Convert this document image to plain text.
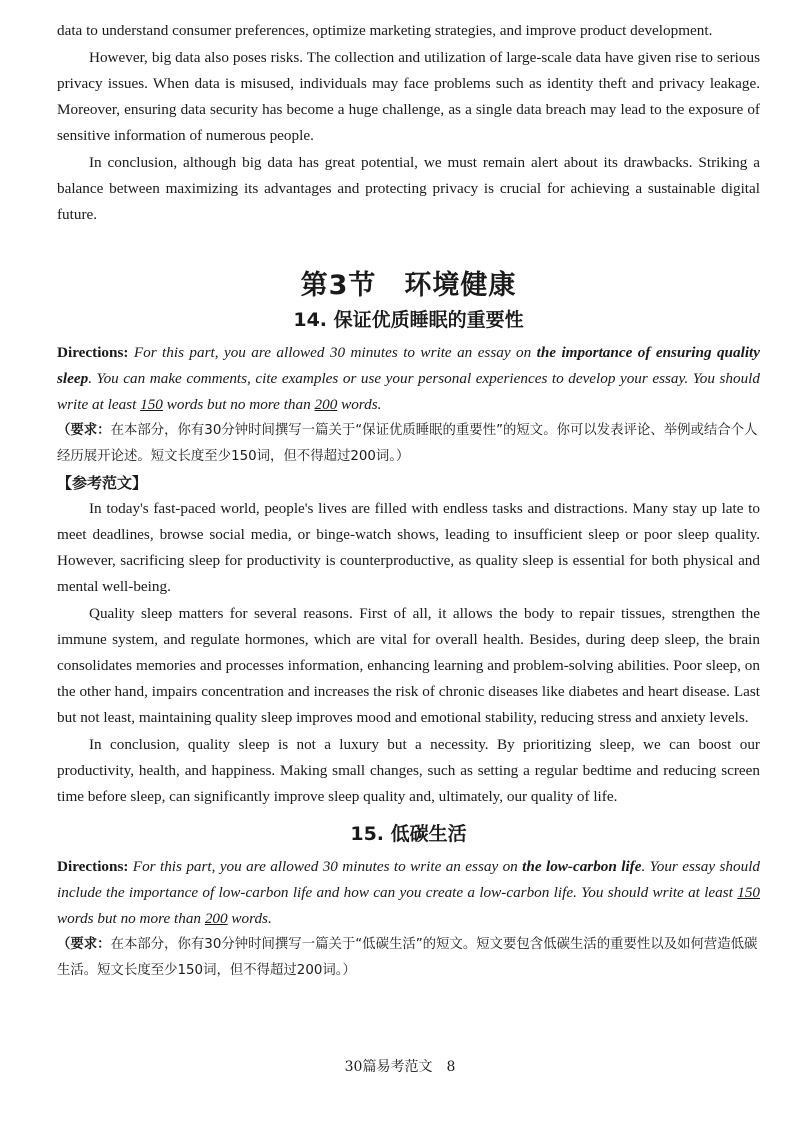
data to understand consumer preferences, optimize marketing strategies, and improve product development.

However, big data also poses risks. The collection and utilization of large-scale data have given rise to serious privacy issues. When data is misused, individuals may face problems such as identity theft and privacy leakage. Moreover, ensuring data security has become a huge challenge, as a single data breach may lead to the exposure of sensitive information of numerous people.

In conclusion, although big data has great potential, we must remain alert about its drawbacks. Striking a balance between maximizing its advantages and protecting privacy is crucial for achieving a sustainable digital future.

第3节 环境健康
14. 保证优质睡眠的重要性

Directions: For this part, you are allowed 30 minutes to write an essay on the importance of ensuring quality sleep. You can make comments, cite examples or use your personal experiences to develop your essay. You should write at least 150 words but no more than 200 words.

（要求：在本部分，你有30分钟时间撰写一篇关于“保证优质睡眠的重要性”的短文。你可以发表评论、举例或结合个人经历展开论述。短文长度至少150词，但不得超过200词。）

【参考范文】

In today's fast-paced world, people's lives are filled with endless tasks and distractions. Many stay up late to meet deadlines, browse social media, or binge-watch shows, leading to insufficient sleep or poor sleep quality. However, sacrificing sleep for productivity is counterproductive, as quality sleep is essential for both physical and mental well-being.

Quality sleep matters for several reasons. First of all, it allows the body to repair tissues, strengthen the immune system, and regulate hormones, which are vital for overall health. Besides, during deep sleep, the brain consolidates memories and processes information, enhancing learning and problem-solving abilities. Poor sleep, on the other hand, impairs concentration and increases the risk of chronic diseases like diabetes and heart disease. Last but not least, maintaining quality sleep improves mood and emotional stability, reducing stress and anxiety levels.

In conclusion, quality sleep is not a luxury but a necessity. By prioritizing sleep, we can boost our productivity, health, and happiness. Making small changes, such as setting a regular bedtime and reducing screen time before sleep, can significantly improve sleep quality and, ultimately, our quality of life.

15. 低碳生活

Directions: For this part, you are allowed 30 minutes to write an essay on the low-carbon life. Your essay should include the importance of low-carbon life and how can you create a low-carbon life. You should write at least 150 words but no more than 200 words.

（要求：在本部分，你有30分钟时间撰写一篇关于“低碳生活”的短文。短文要包含低碳生活的重要性以及如何营造低碳生活。短文长度至少150词，但不得超过200词。）

30篇易考范文　8
